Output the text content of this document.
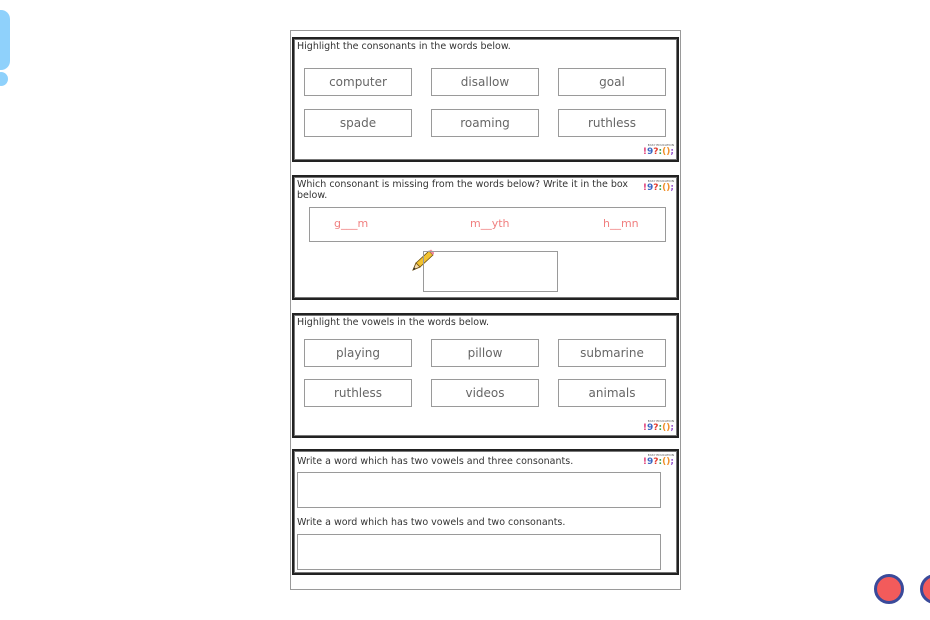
Highlight the consonants in the words below.
computer	disallow	goal
spade	roaming	ruthless
EASY EDUCATION
!9?:();
Which consonant is missing from the words below? Write it in the box
below.
EASY EDUCATION
!9?:();
g___m	m__yth	h__mn
Highlight the vowels in the words below.
playing	pillow	submarine
ruthless	videos	animals
EASY EDUCATION
!9?:();
Write a word which has two vowels and three consonants.
EASY EDUCATION
!9?:();
Write a word which has two vowels and two consonants.
